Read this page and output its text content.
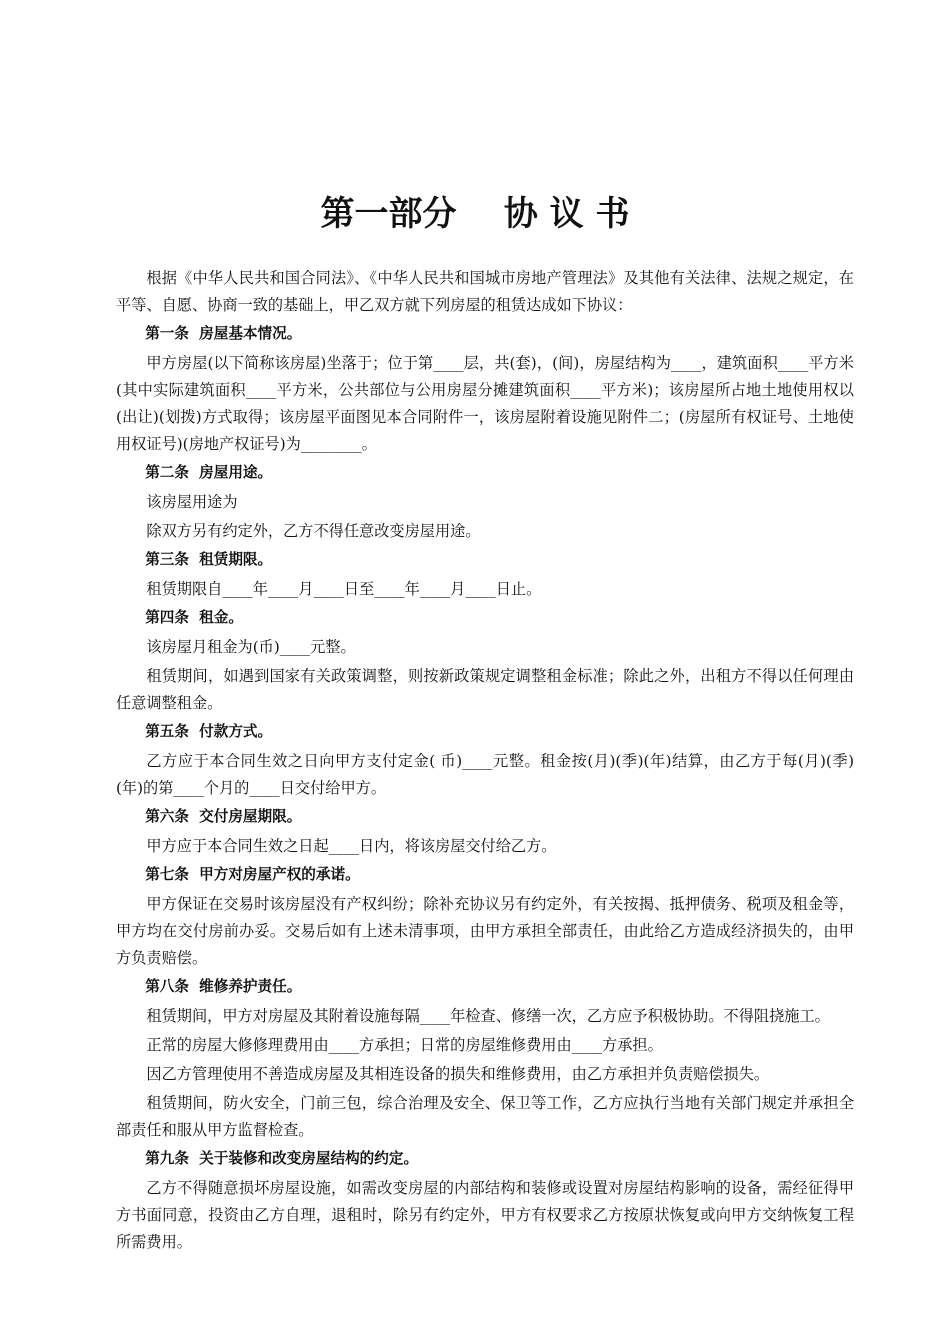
第一部分    协 议 书

根据《中华人民共和国合同法》、《中华人民共和国城市房地产管理法》及其他有关法律、法规之规定，在平等、自愿、协商一致的基础上，甲乙双方就下列房屋的租赁达成如下协议：

第一条  房屋基本情况。

甲方房屋(以下简称该房屋)坐落于；位于第____层，共(套)，(间)，房屋结构为____，建筑面积____平方米(其中实际建筑面积____平方米，公共部位与公用房屋分摊建筑面积____平方米)；该房屋所占地土地使用权以(出让)(划拨)方式取得；该房屋平面图见本合同附件一，该房屋附着设施见附件二；(房屋所有权证号、土地使用权证号)(房地产权证号)为________。

第二条  房屋用途。

该房屋用途为

除双方另有约定外，乙方不得任意改变房屋用途。

第三条  租赁期限。

租赁期限自____年____月____日至____年____月____日止。

第四条  租金。

该房屋月租金为(币)____元整。

租赁期间，如遇到国家有关政策调整，则按新政策规定调整租金标准；除此之外，出租方不得以任何理由任意调整租金。

第五条  付款方式。

乙方应于本合同生效之日向甲方支付定金( 币)____元整。租金按(月)(季)(年)结算，由乙方于每(月)(季)(年)的第____个月的____日交付给甲方。

第六条  交付房屋期限。

甲方应于本合同生效之日起____日内，将该房屋交付给乙方。

第七条  甲方对房屋产权的承诺。

甲方保证在交易时该房屋没有产权纠纷；除补充协议另有约定外，有关按揭、抵押债务、税项及租金等，甲方均在交付房前办妥。交易后如有上述未清事项，由甲方承担全部责任，由此给乙方造成经济损失的，由甲方负责赔偿。

第八条  维修养护责任。

租赁期间，甲方对房屋及其附着设施每隔____年检查、修缮一次，乙方应予积极协助。不得阻挠施工。

正常的房屋大修修理费用由____方承担；日常的房屋维修费用由____方承担。

因乙方管理使用不善造成房屋及其相连设备的损失和维修费用，由乙方承担并负责赔偿损失。

租赁期间，防火安全，门前三包，综合治理及安全、保卫等工作，乙方应执行当地有关部门规定并承担全部责任和服从甲方监督检查。

第九条  关于装修和改变房屋结构的约定。

乙方不得随意损坏房屋设施，如需改变房屋的内部结构和装修或设置对房屋结构影响的设备，需经征得甲方书面同意，投资由乙方自理，退租时，除另有约定外，甲方有权要求乙方按原状恢复或向甲方交纳恢复工程所需费用。
